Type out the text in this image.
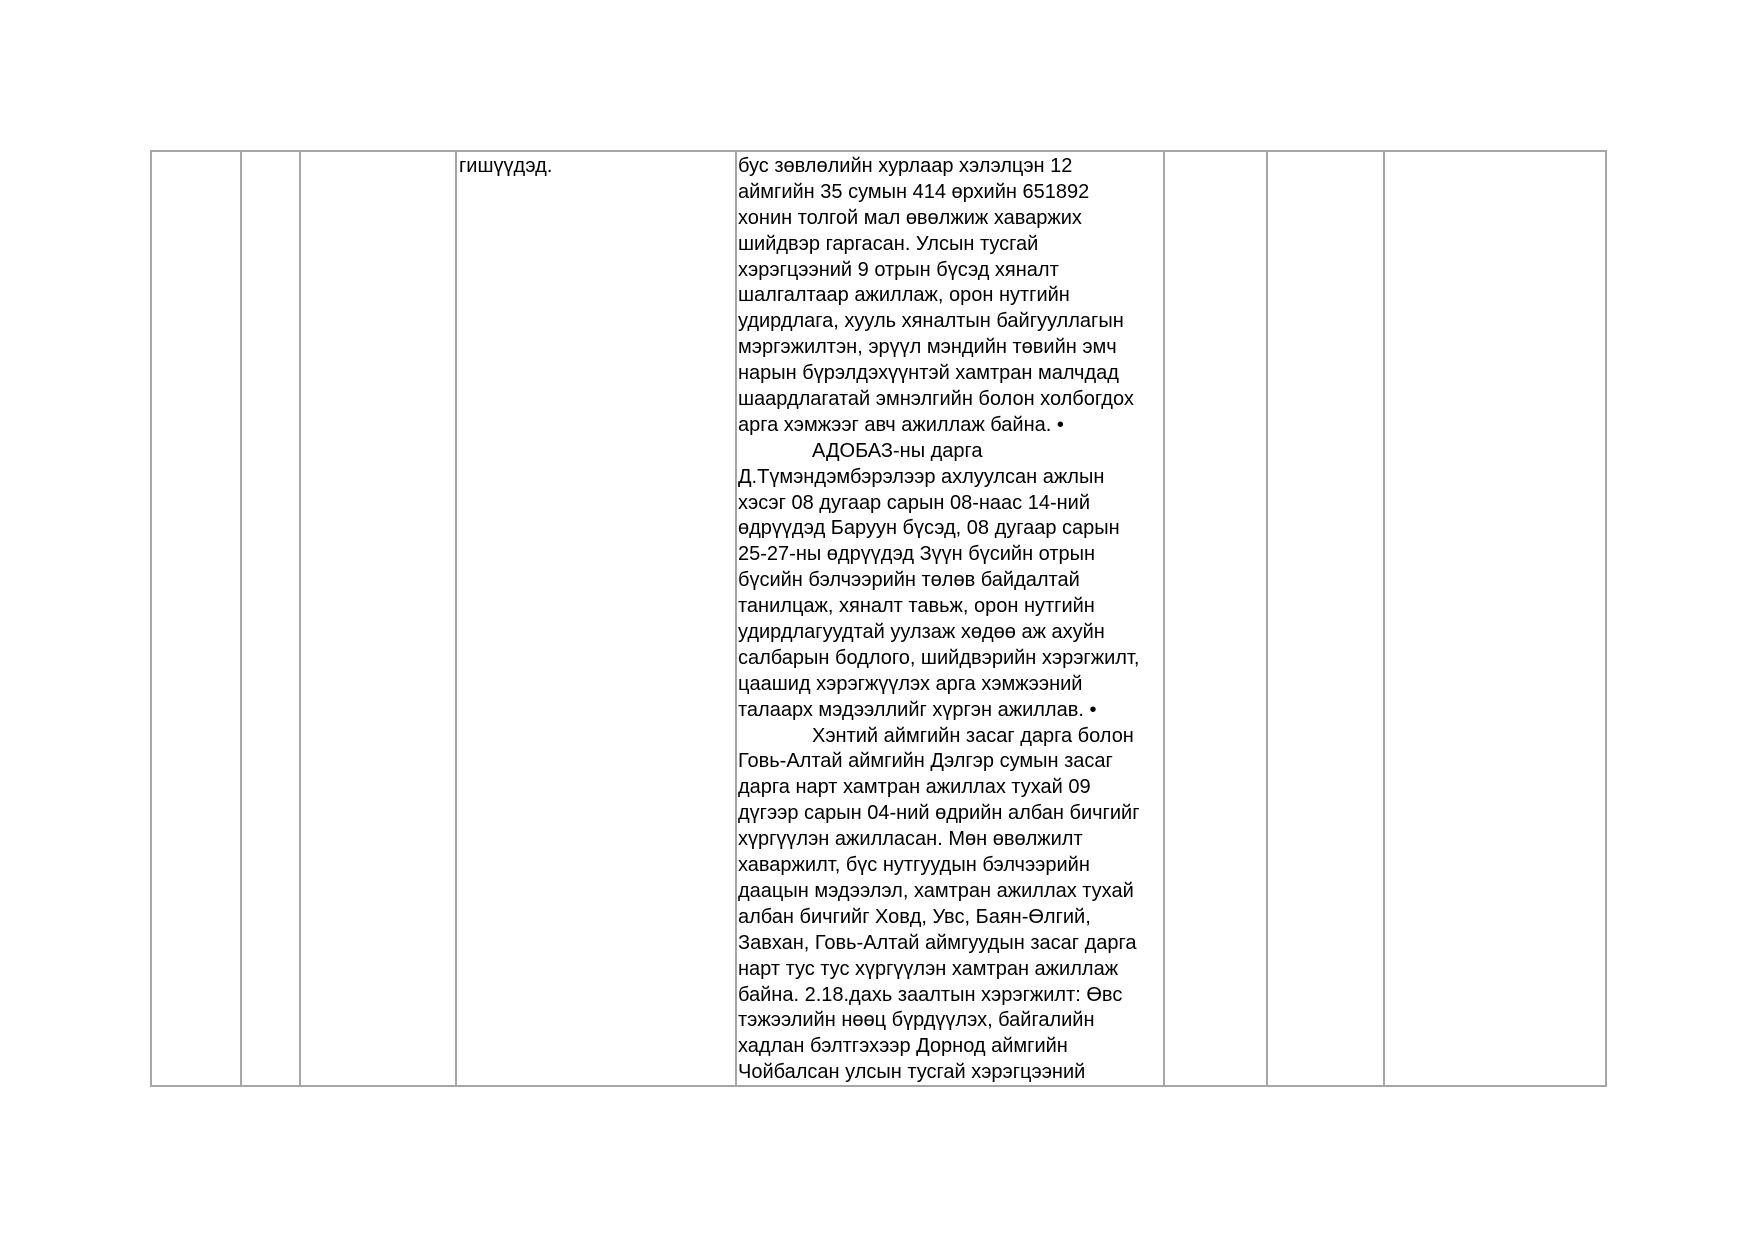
гишүүдэд.	бус зөвлөлийн хурлаар хэлэлцэн 12
аймгийн 35 сумын 414 өрхийн 651892
хонин толгой мал өвөлжиж хаваржих
шийдвэр гаргасан. Улсын тусгай
хэрэгцээний 9 отрын бүсэд хяналт
шалгалтаар ажиллаж, орон нутгийн
удирдлага, хууль хяналтын байгууллагын
мэргэжилтэн, эрүүл мэндийн төвийн эмч
нарын бүрэлдэхүүнтэй хамтран малчдад
шаардлагатай эмнэлгийн болон холбогдох
арга хэмжээг авч ажиллаж байна. •
АДОБАЗ-ны дарга
Д.Түмэндэмбэрэлээр ахлуулсан ажлын
хэсэг 08 дугаар сарын 08-наас 14-ний
өдрүүдэд Баруун бүсэд, 08 дугаар сарын
25-27-ны өдрүүдэд Зүүн бүсийн отрын
бүсийн бэлчээрийн төлөв байдалтай
танилцаж, хяналт тавьж, орон нутгийн
удирдлагуудтай уулзаж хөдөө аж ахуйн
салбарын бодлого, шийдвэрийн хэрэгжилт,
цаашид хэрэгжүүлэх арга хэмжээний
талаарх мэдээллийг хүргэн ажиллав. •
Хэнтий аймгийн засаг дарга болон
Говь-Алтай аймгийн Дэлгэр сумын засаг
дарга нарт хамтран ажиллах тухай 09
дүгээр сарын 04-ний өдрийн албан бичгийг
хүргүүлэн ажилласан. Мөн өвөлжилт
хаваржилт, бүс нутгуудын бэлчээрийн
даацын мэдээлэл, хамтран ажиллах тухай
албан бичгийг Ховд, Увс, Баян-Өлгий,
Завхан, Говь-Алтай аймгуудын засаг дарга
нарт тус тус хүргүүлэн хамтран ажиллаж
байна. 2.18.дахь заалтын хэрэгжилт: Өвс
тэжээлийн нөөц бүрдүүлэх, байгалийн
хадлан бэлтгэхээр Дорнод аймгийн
Чойбалсан улсын тусгай хэрэгцээний
